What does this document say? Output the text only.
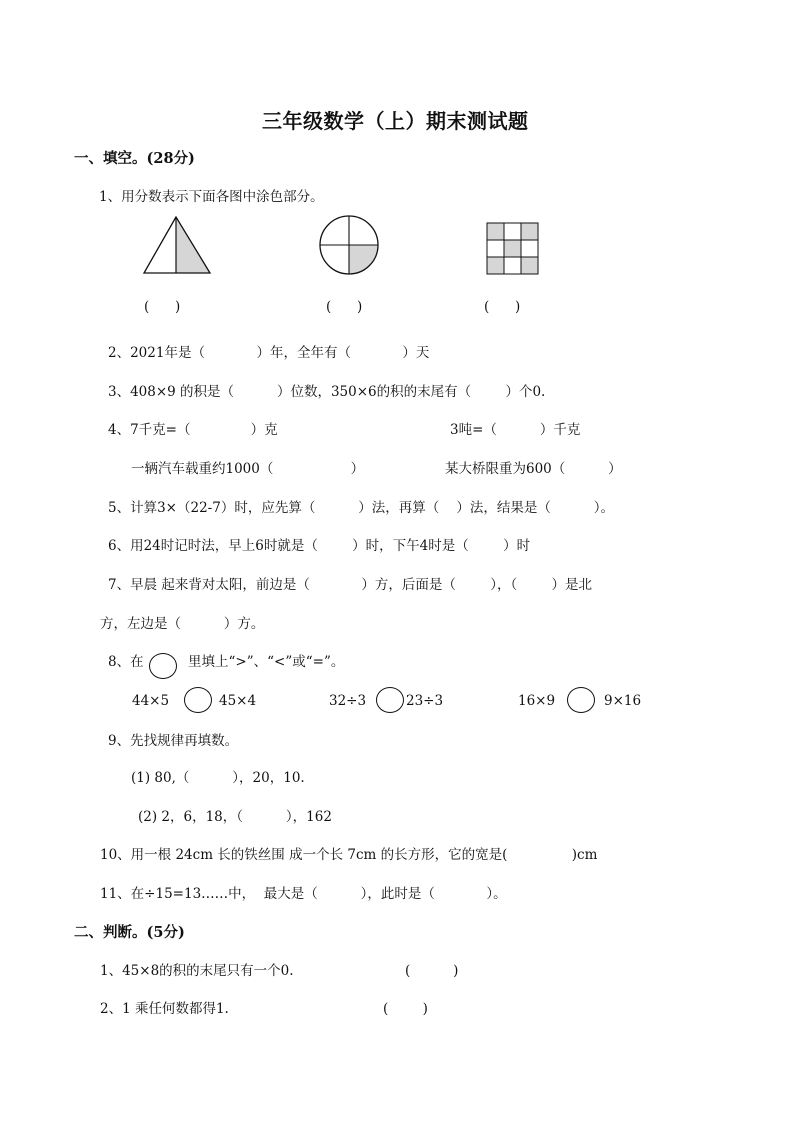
三年级数学（上）期末测试题
一、填空。(28分)
1、用分数表示下面各图中涂色部分。
(      )	(      )	(      )
2、2021年是（            ）年，全年有（            ）天
3、408×9 的积是（          ）位数，350×6的积的末尾有（        ）个0.
4、7千克=（              ）克	3吨=（          ）千克
一辆汽车载重约1000（                  ）	某大桥限重为600（          ）
5、计算3×（22-7）时，应先算（          ）法，再算（    ）法，结果是（          ）。
6、用24时记时法，早上6时就是（        ）时，下午4时是（        ）时
7、早晨 起来背对太阳，前边是（            ）方，后面是（        ），（        ）是北
方，左边是（          ）方。
8、在	里填上“>”、“<”或“=”。
44×5	45×4	32÷3	23÷3	16×9	9×16
9、先找规律再填数。
(1) 80,（          ），20，10.
(2) 2，6，18，（          ），162
10、用一根 24cm 长的铁丝围 成一个长 7cm 的长方形，它的宽是(               )cm
11、在÷15=13……中，  最大是（          ），此时是（            ）。
二、判断。(5分)
1、45×8的积的末尾只有一个0.	(          )
2、1 乘任何数都得1.	(        )
